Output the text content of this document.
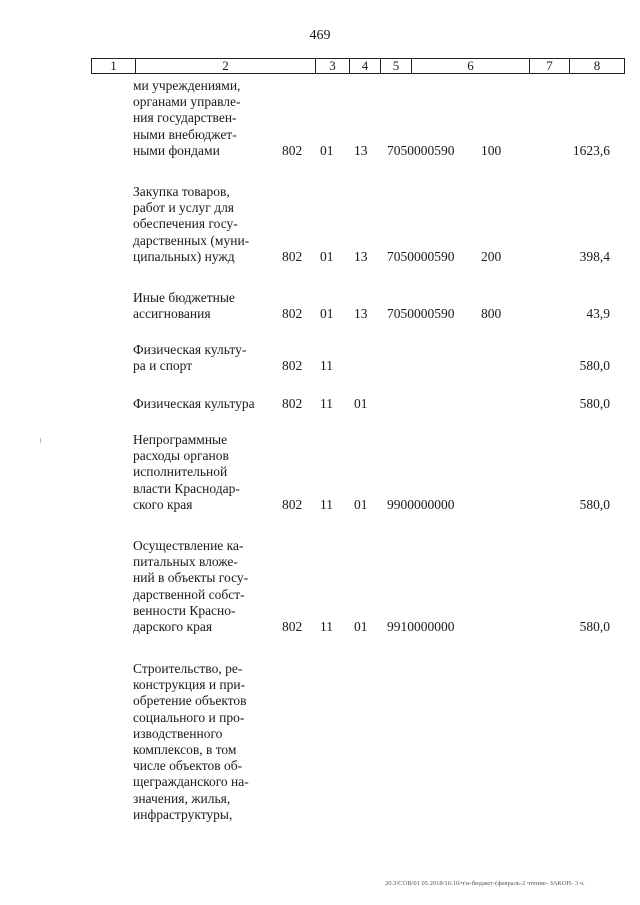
469
1	2	3	4	5	6	7	8
ми учреждениями,
органами управле-
ния государствен-
ными внебюджет-
ными фондами	802 01 13 7050000590 100	1623,6
Закупка товаров,
работ и услуг для
обеспечения госу-
дарственных (муни-
ципальных) нужд	802 01 13 7050000590 200	398,4
Иные бюджетные
ассигнования	802 01 13 7050000590 800	43,9
Физическая культу-
ра и спорт	802 11	580,0
Физическая культура	802 11 01	580,0
Непрограммные
расходы органов
исполнительной
власти Краснодар-
ского края	802 11 01 9900000000	580,0
Осуществление ка-
питальных вложе-
ний в объекты госу-
дарственной собст-
венности Красно-
дарского края	802 11 01 9910000000	580,0
Строительство, ре-
конструкция и при-
обретение объектов
социального и про-
изводственного
комплексов, в том
числе объектов об-
щегражданского на-
значения, жилья,
инфраструктуры,
20.3/СОВ/01 05.2018/16:10/ч\н-бюджет-(февраль-2 чтение- ЗАКОН- 3 ч.
